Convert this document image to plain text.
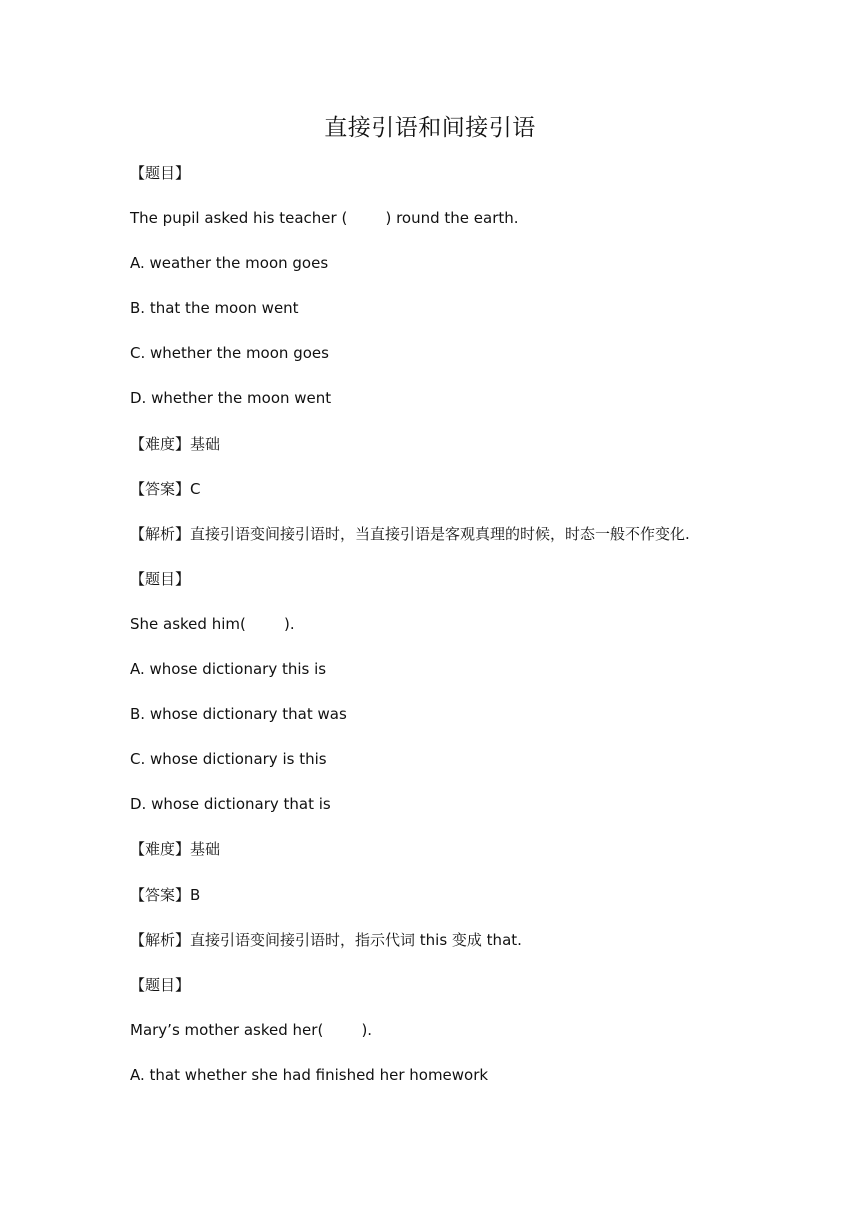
直接引语和间接引语
【题目】
The pupil asked his teacher (        ) round the earth.
A. weather the moon goes
B. that the moon went
C. whether the moon goes
D. whether the moon went
【难度】基础
【答案】C
【解析】直接引语变间接引语时，当直接引语是客观真理的时候，时态一般不作变化.
【题目】
She asked him(        ).
A. whose dictionary this is
B. whose dictionary that was
C. whose dictionary is this
D. whose dictionary that is
【难度】基础
【答案】B
【解析】直接引语变间接引语时，指示代词 this 变成 that.
【题目】
Mary’s mother asked her(        ).
A. that whether she had finished her homework
